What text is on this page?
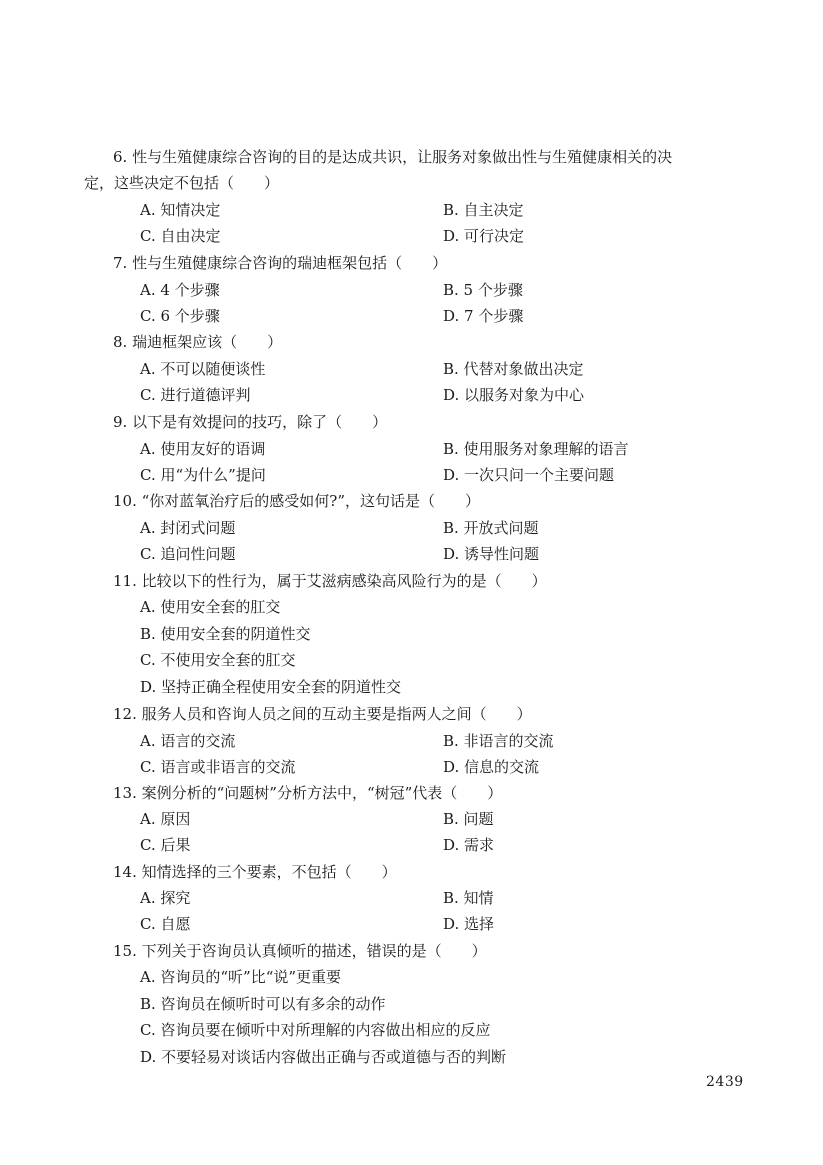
6. 性与生殖健康综合咨询的目的是达成共识，让服务对象做出性与生殖健康相关的决
定，这些决定不包括（　　）
A. 知情决定	B. 自主决定
C. 自由决定	D. 可行决定
7. 性与生殖健康综合咨询的瑞迪框架包括（　　）
A. 4 个步骤	B. 5 个步骤
C. 6 个步骤	D. 7 个步骤
8. 瑞迪框架应该（　　）
A. 不可以随便谈性	B. 代替对象做出决定
C. 进行道德评判	D. 以服务对象为中心
9. 以下是有效提问的技巧，除了（　　）
A. 使用友好的语调	B. 使用服务对象理解的语言
C. 用“为什么”提问	D. 一次只问一个主要问题
10. “你对蓝氧治疗后的感受如何?”，这句话是（　　）
A. 封闭式问题	B. 开放式问题
C. 追问性问题	D. 诱导性问题
11. 比较以下的性行为，属于艾滋病感染高风险行为的是（　　）
A. 使用安全套的肛交
B. 使用安全套的阴道性交
C. 不使用安全套的肛交
D. 坚持正确全程使用安全套的阴道性交
12. 服务人员和咨询人员之间的互动主要是指两人之间（　　）
A. 语言的交流	B. 非语言的交流
C. 语言或非语言的交流	D. 信息的交流
13. 案例分析的“问题树”分析方法中，“树冠”代表（　　）
A. 原因	B. 问题
C. 后果	D. 需求
14. 知情选择的三个要素，不包括（　　）
A. 探究	B. 知情
C. 自愿	D. 选择
15. 下列关于咨询员认真倾听的描述，错误的是（　　）
A. 咨询员的“听”比“说”更重要
B. 咨询员在倾听时可以有多余的动作
C. 咨询员要在倾听中对所理解的内容做出相应的反应
D. 不要轻易对谈话内容做出正确与否或道德与否的判断
2439
